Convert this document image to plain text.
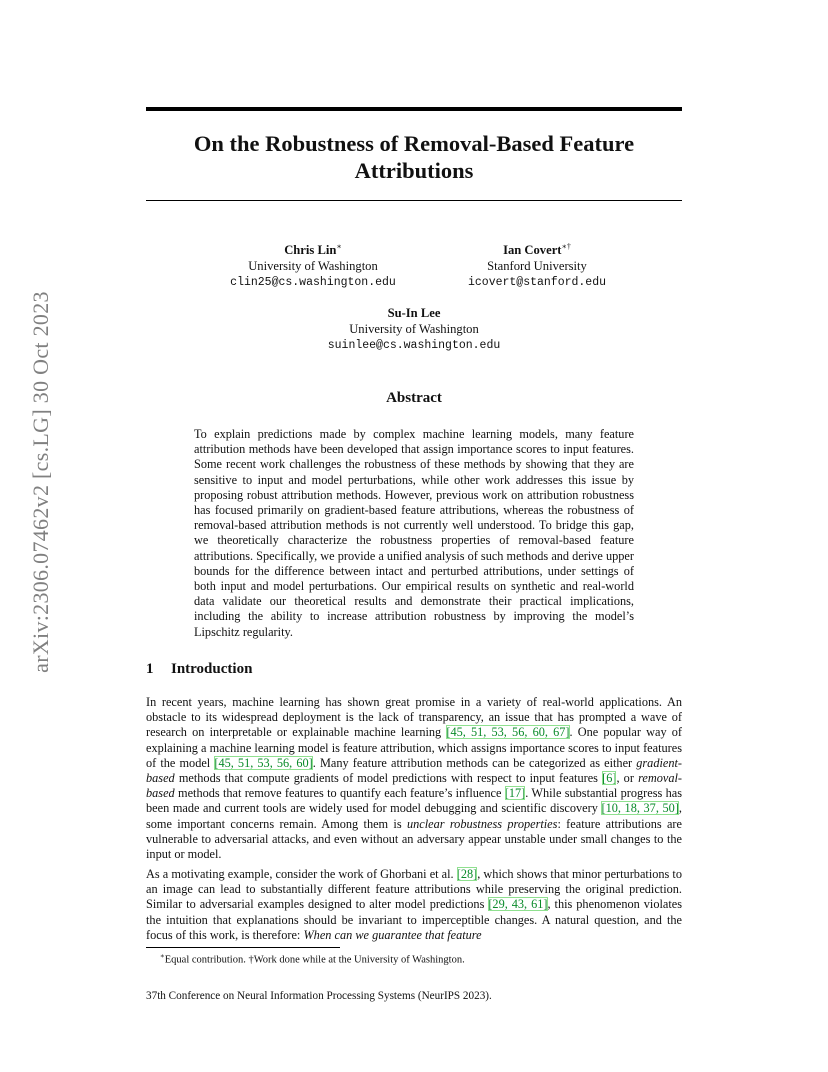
arXiv:2306.07462v2 [cs.LG] 30 Oct 2023
On the Robustness of Removal-Based Feature
Attributions
Chris Lin∗
University of Washington
clin25@cs.washington.edu
Ian Covert∗†
Stanford University
icovert@stanford.edu
Su-In Lee
University of Washington
suinlee@cs.washington.edu
Abstract
To explain predictions made by complex machine learning models, many feature attribution methods have been developed that assign importance scores to input features. Some recent work challenges the robustness of these methods by showing that they are sensitive to input and model perturbations, while other work addresses this issue by proposing robust attribution methods. However, previous work on attribution robustness has focused primarily on gradient-based feature attributions, whereas the robustness of removal-based attribution methods is not currently well understood. To bridge this gap, we theoretically characterize the robustness properties of removal-based feature attributions. Specifically, we provide a unified analysis of such methods and derive upper bounds for the difference between intact and perturbed attributions, under settings of both input and model perturbations. Our empirical results on synthetic and real-world data validate our theoretical results and demonstrate their practical implications, including the ability to increase attribution robustness by improving the model’s Lipschitz regularity.
1 Introduction
In recent years, machine learning has shown great promise in a variety of real-world applications. An obstacle to its widespread deployment is the lack of transparency, an issue that has prompted a wave of research on interpretable or explainable machine learning [45, 51, 53, 56, 60, 67]. One popular way of explaining a machine learning model is feature attribution, which assigns importance scores to input features of the model [45, 51, 53, 56, 60]. Many feature attribution methods can be categorized as either gradient-based methods that compute gradients of model predictions with respect to input features [6], or removal-based methods that remove features to quantify each feature’s influence [17]. While substantial progress has been made and current tools are widely used for model debugging and scientific discovery [10, 18, 37, 50], some important concerns remain. Among them is unclear robustness properties: feature attributions are vulnerable to adversarial attacks, and even without an adversary appear unstable under small changes to the input or model.
As a motivating example, consider the work of Ghorbani et al. [28], which shows that minor perturbations to an image can lead to substantially different feature attributions while preserving the original prediction. Similar to adversarial examples designed to alter model predictions [29, 43, 61], this phenomenon violates the intuition that explanations should be invariant to imperceptible changes. A natural question, and the focus of this work, is therefore: When can we guarantee that feature
∗Equal contribution. †Work done while at the University of Washington.
37th Conference on Neural Information Processing Systems (NeurIPS 2023).
